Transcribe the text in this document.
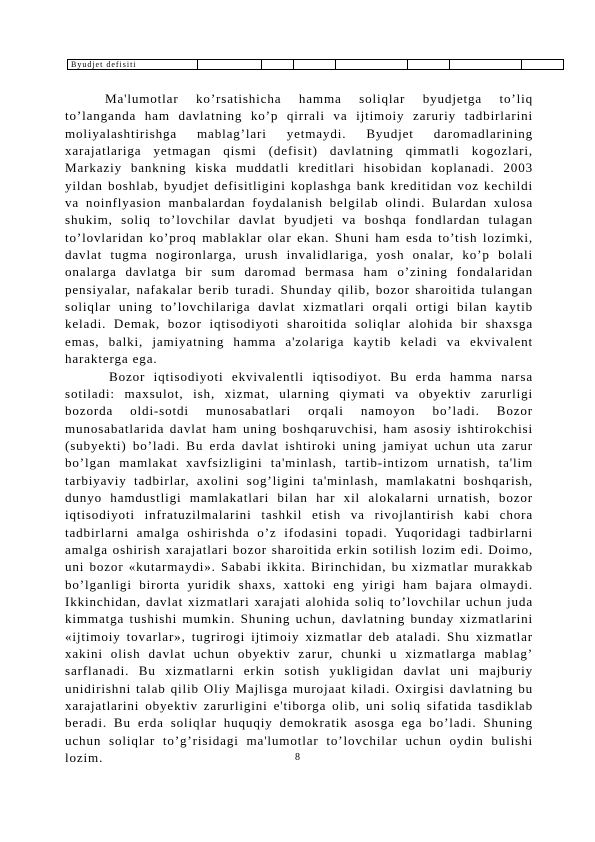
Byudjet defisiti							

Ma'lumotlar ko’rsatishicha hamma soliqlar byudjetga to’liq to’langanda ham davlatning ko’p qirrali va ijtimoiy zaruriy tadbirlarini moliyalashtirishga mablag’lari yetmaydi. Byudjet daromadlarining xarajatlariga yetmagan qismi (defisit) davlatning qimmatli kogozlari, Markaziy bankning kiska muddatli kreditlari hisobidan koplanadi. 2003 yildan boshlab, byudjet defisitligini koplashga bank kreditidan voz kechildi va noinflyasion manbalardan foydalanish belgilab olindi. Bulardan xulosa shukim, soliq to’lovchilar davlat byudjeti va boshqa fondlardan tulagan to’lovlaridan ko’proq mablaklar olar ekan. Shuni ham esda to’tish lozimki, davlat tugma nogironlarga, urush invalidlariga, yosh onalar, ko’p bolali onalarga davlatga bir sum daromad bermasa ham o’zining fondalaridan pensiyalar, nafakalar berib turadi. Shunday qilib, bozor sharoitida tulangan soliqlar uning to’lovchilariga davlat xizmatlari orqali ortigi bilan kaytib keladi. Demak, bozor iqtisodiyoti sharoitida soliqlar alohida bir shaxsga emas, balki, jamiyatning hamma a'zolariga kaytib keladi va ekvivalent harakterga ega.

Bozor iqtisodiyoti ekvivalentli iqtisodiyot. Bu erda hamma narsa sotiladi: maxsulot, ish, xizmat, ularning qiymati va obyektiv zarurligi bozorda oldi-sotdi munosabatlari orqali namoyon bo’ladi. Bozor munosabatlarida davlat ham uning boshqaruvchisi, ham asosiy ishtirokchisi (subyekti) bo’ladi. Bu erda davlat ishtiroki uning jamiyat uchun uta zarur bo’lgan mamlakat xavfsizligini ta'minlash, tartib-intizom urnatish, ta'lim tarbiyaviy tadbirlar, axolini sog’ligini ta'minlash, mamlakatni boshqarish, dunyo hamdustligi mamlakatlari bilan har xil alokalarni urnatish, bozor iqtisodiyoti infratuzilmalarini tashkil etish va rivojlantirish kabi chora tadbirlarni amalga oshirishda o’z ifodasini topadi. Yuqoridagi tadbirlarni amalga oshirish xarajatlari bozor sharoitida erkin sotilish lozim edi. Doimo, uni bozor «kutarmaydi». Sababi ikkita. Birinchidan, bu xizmatlar murakkab bo’lganligi birorta yuridik shaxs, xattoki eng yirigi ham bajara olmaydi. Ikkinchidan, davlat xizmatlari xarajati alohida soliq to’lovchilar uchun juda kimmatga tushishi mumkin. Shuning uchun, davlatning bunday xizmatlarini «ijtimoiy tovarlar», tugrirogi ijtimoiy xizmatlar deb ataladi. Shu xizmatlar xakini olish davlat uchun obyektiv zarur, chunki u xizmatlarga mablag’ sarflanadi. Bu xizmatlarni erkin sotish yukligidan davlat uni majburiy unidirishni talab qilib Oliy Majlisga murojaat kiladi. Oxirgisi davlatning bu xarajatlarini obyektiv zarurligini e'tiborga olib, uni soliq sifatida tasdiklab beradi. Bu erda soliqlar huquqiy demokratik asosga ega bo’ladi. Shuning uchun soliqlar to’g’risidagi ma'lumotlar to’lovchilar uchun oydin bulishi lozim.	8
